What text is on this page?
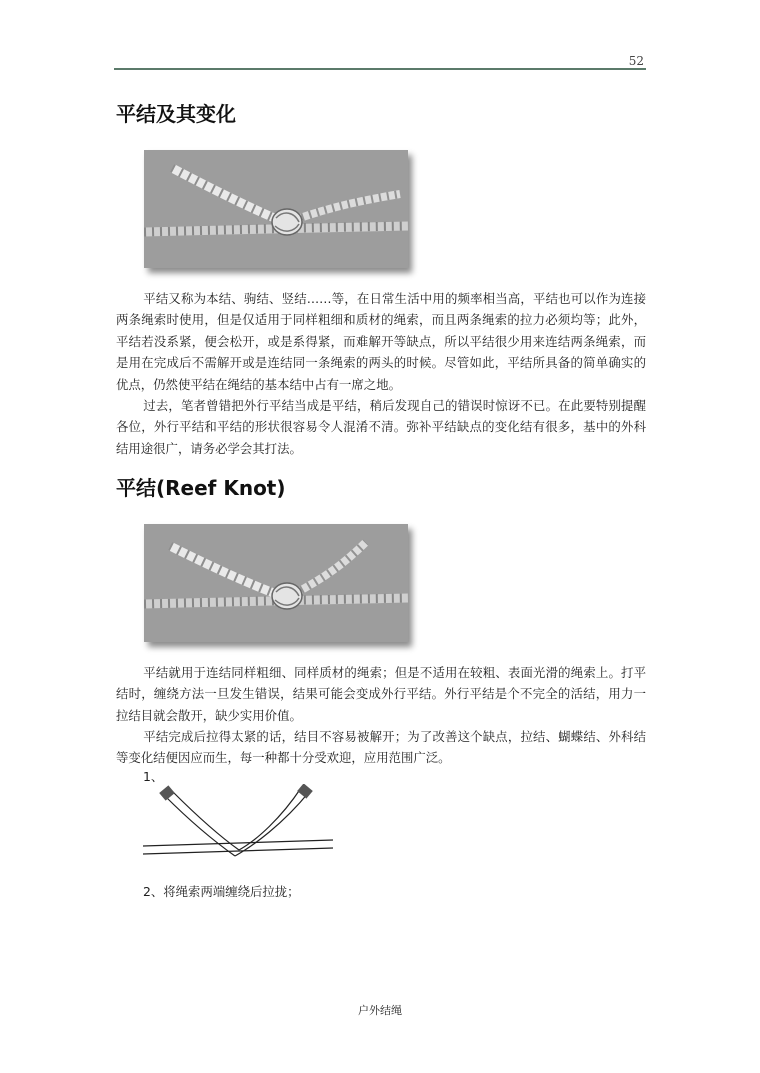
52
平结及其变化

平结又称为本结、驹结、竖结……等，在日常生活中用的频率相当高，平结也可以作为连接两条绳索时使用，但是仅适用于同样粗细和质材的绳索，而且两条绳索的拉力必须均等；此外，平结若没系紧，便会松开，或是系得紧，而难解开等缺点，所以平结很少用来连结两条绳索，而是用在完成后不需解开或是连结同一条绳索的两头的时候。尽管如此，平结所具备的简单确实的优点，仍然使平结在绳结的基本结中占有一席之地。

过去，笔者曾错把外行平结当成是平结，稍后发现自己的错误时惊讶不已。在此要特别提醒各位，外行平结和平结的形状很容易令人混淆不清。弥补平结缺点的变化结有很多，基中的外科结用途很广，请务必学会其打法。

平结(Reef Knot)

平结就用于连结同样粗细、同样质材的绳索；但是不适用在较粗、表面光滑的绳索上。打平结时，缠绕方法一旦发生错误，结果可能会变成外行平结。外行平结是个不完全的活结，用力一拉结目就会散开，缺少实用价值。

平结完成后拉得太紧的话，结目不容易被解开；为了改善这个缺点，拉结、蝴蝶结、外科结等变化结便因应而生，每一种都十分受欢迎，应用范围广泛。

1、

2、将绳索两端缠绕后拉拢；

户外结绳
